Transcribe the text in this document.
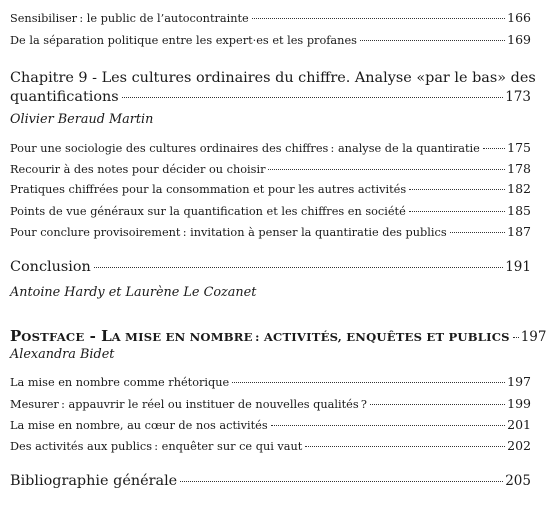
Sensibiliser : le public de l’autocontrainte	166
De la séparation politique entre les expert·es et les profanes	169
Chapitre 9 - Les cultures ordinaires du chiffre. Analyse «par le bas» des
quantifications	173
Olivier Beraud Martin
Pour une sociologie des cultures ordinaires des chiffres : analyse de la quantiratie 175
Recourir à des notes pour décider ou choisir	178
Pratiques chiffrées pour la consommation et pour les autres activités	182
Points de vue généraux sur la quantification et les chiffres en société	185
Pour conclure provisoirement : invitation à penser la quantiratie des publics	187
Conclusion	191
Antoine Hardy et Laurène Le Cozanet
POSTFACE - LA MISE EN NOMBRE : ACTIVITÉS, ENQUÊTES ET PUBLICS 197
Alexandra Bidet
La mise en nombre comme rhétorique	197
Mesurer : appauvrir le réel ou instituer de nouvelles qualités ?	199
La mise en nombre, au cœur de nos activités	201
Des activités aux publics : enquêter sur ce qui vaut	202
Bibliographie générale	205
